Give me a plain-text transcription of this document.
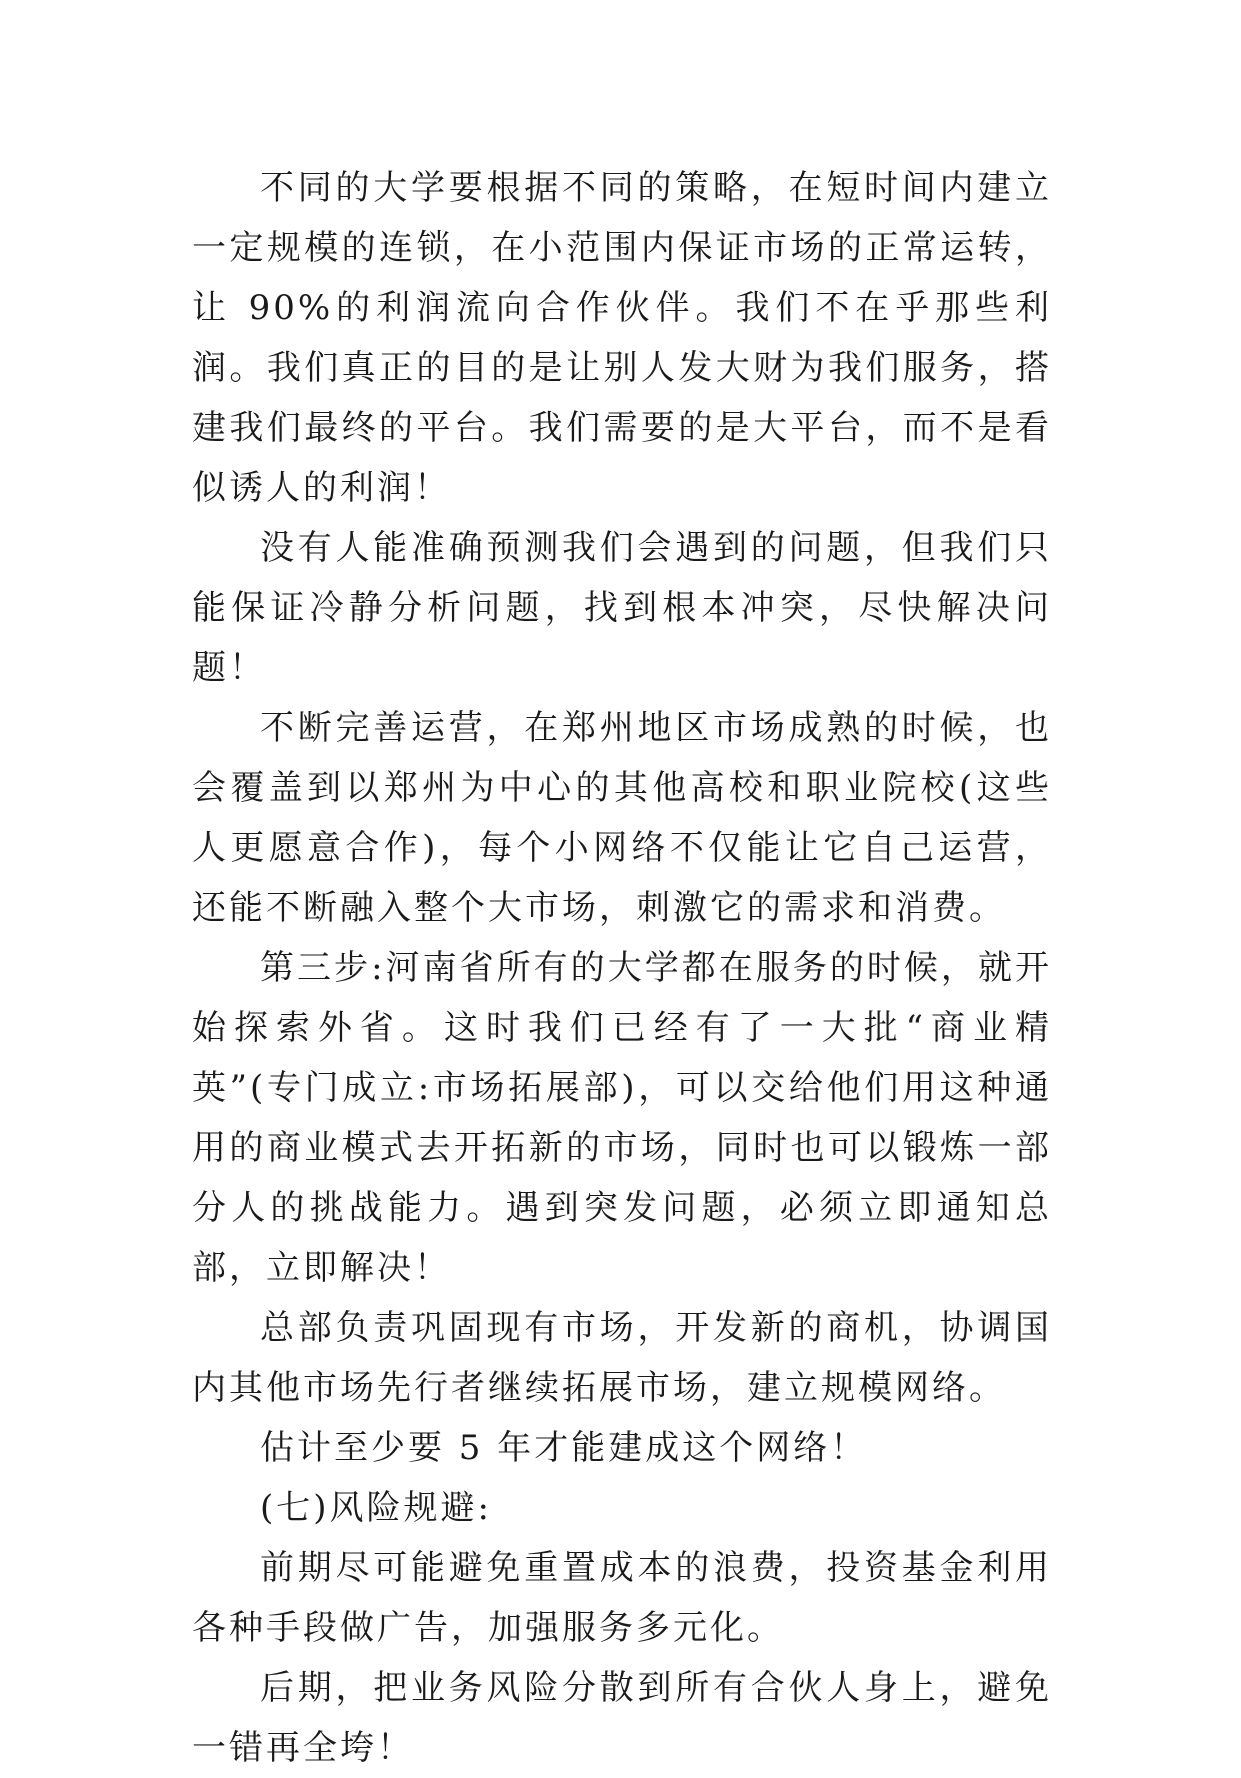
不同的大学要根据不同的策略，在短时间内建立一定规模的连锁，在小范围内保证市场的正常运转，让 90%的利润流向合作伙伴。我们不在乎那些利润。我们真正的目的是让别人发大财为我们服务，搭建我们最终的平台。我们需要的是大平台，而不是看似诱人的利润！

没有人能准确预测我们会遇到的问题，但我们只能保证冷静分析问题，找到根本冲突，尽快解决问题！

不断完善运营，在郑州地区市场成熟的时候，也会覆盖到以郑州为中心的其他高校和职业院校(这些人更愿意合作)，每个小网络不仅能让它自己运营，还能不断融入整个大市场，刺激它的需求和消费。

第三步:河南省所有的大学都在服务的时候，就开始探索外省。这时我们已经有了一大批“商业精英”(专门成立:市场拓展部)，可以交给他们用这种通用的商业模式去开拓新的市场，同时也可以锻炼一部分人的挑战能力。遇到突发问题，必须立即通知总部，立即解决！

总部负责巩固现有市场，开发新的商机，协调国内其他市场先行者继续拓展市场，建立规模网络。

估计至少要 5 年才能建成这个网络！

(七)风险规避:

前期尽可能避免重置成本的浪费，投资基金利用各种手段做广告，加强服务多元化。

后期，把业务风险分散到所有合伙人身上，避免一错再全垮！
